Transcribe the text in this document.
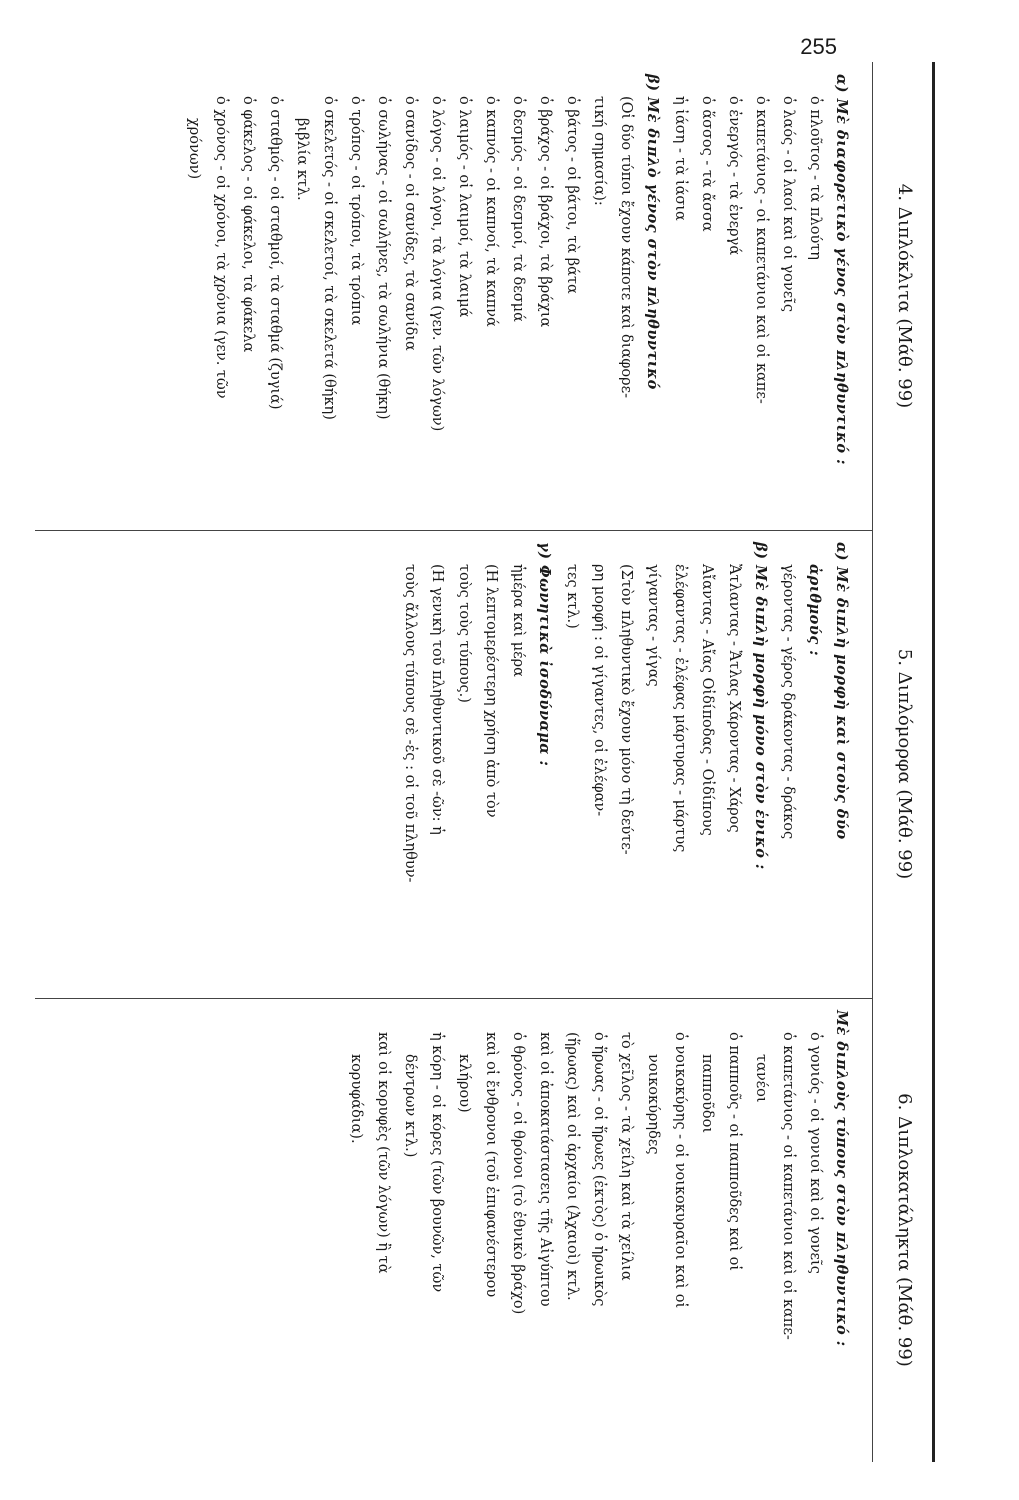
255
4. Διπλόκλιτα (Μάθ. 99)
5. Διπλόμορφα (Μάθ. 99)
6. Διπλοκατάληκτα (Μάθ. 99)
α) Μὲ διαφορετικὸ γένος στὸν πληθυντικό :
ὁ πλοῦτος - τὰ πλούτη
ὁ λαός - οἱ λαοί καὶ οἱ γονεῖς
ὁ καπετάνιος - οἱ καπετάνιοι καὶ οἱ καπε-
ὁ ἐνεργός - τὰ ἐνεργά
ὁ ἅσσος - τὰ ἄσσα
ἡ ἰάση - τὰ ἰάσια
β) Μὲ διπλὸ γένος στὸν πληθυντικό
(Οἱ δύο τύποι ἔχουν κάποτε καὶ διαφορε-
τική σημασία):
ὁ βάτος - οἱ βάτοι, τὰ βάτα
ὁ βράχος - οἱ βράχοι, τὰ βράχια
ὁ δεσμός - οἱ δεσμοί, τὰ δεσμά
ὁ καπνός - οἱ καπνοί, τὰ καπνά
ὁ λαιμός - οἱ λαιμοί, τὰ λαιμά
ὁ λόγος - οἱ λόγοι, τὰ λόγια (γεν. τῶν λόγων)
ὁ σανίδος - οἱ σανίδες, τὰ σανίδια
ὁ σωλήνας - οἱ σωλήνες, τὰ σωλήνια (θήκη)
ὁ τρόπος - οἱ τρόποι, τὰ τρόπια
ὁ σκελετός - οἱ σκελετοί, τὰ σκελετά (θήκη)
βιβλία κτλ.
ὁ σταθμός - οἱ σταθμοί, τὰ σταθμά (ζυγιά)
ὁ φάκελος - οἱ φάκελοι, τὰ φάκελα
ὁ χρόνος - οἱ χρόνοι, τὰ χρόνια (γεν. τῶν
χρόνων)
α) Μὲ διπλὴ μορφὴ καὶ στοὺς δύο
ἀριθμούς :
γέροντας - γέρος δράκοντας - δράκος
β) Μὲ διπλὴ μορφὴ μόνο στὸν ἑνικό :
Ἄτλαντας - Ἄτλας Χάροντας - Χάρος
Αἴαντας - Αἴας Οἰδίποδας - Οἰδίπους
ἐλέφαντας - ἐλέφας μάρτυρας - μάρτυς
γίγαντας - γίγας
(Στὸν πληθυντικὸ ἔχουν μόνο τὴ δεύτε-
ρη μορφή : οἱ γίγαντες, οἱ ἐλέφαν-
τες κτλ.)
γ) Φωνητικὰ ἰσοδύναμα :
ἡμέρα καὶ μέρα
(Η λεπτομερέστερη χρήση ἀπὸ τὸν
τοὺς τοὺς τύπους.)
(Η γενικὴ τοῦ πληθυντικοῦ σὲ -ῶν: ἡ
τοὺς ἄλλους τύπους σὲ -ἐς : οἱ τοῦ πληθυν-
Μὲ διπλοὺς τύπους στὸν πληθυντικό :
ὁ γονιός - οἱ γονιοί καὶ οἱ γονεῖς
ὁ καπετάνιος - οἱ καπετάνιοι καὶ οἱ καπε-
τανέοι
ὁ παπποῦς - οἱ παπποῦδες καὶ οἱ
παπποῦδοι
ὁ νοικοκύρης - οἱ νοικοκυραῖοι καὶ οἱ
νοικοκύρηδες
τὸ χεῖλος - τὰ χείλη καὶ τὰ χείλια
ὁ ἥρωας - οἱ ἥρωες (ἐκτὸς) ὁ ἡρωικὸς
(ἥρωας) καὶ οἱ ἀρχαίοι (Ἀχαιοὶ) κτλ.
καὶ οἱ ἀποκατάστασεις τῆς Αἰγύπτου
ὁ θρόνος - οἱ θρόνοι (τὸ ἐθνικὸ βράχο)
καὶ οἱ ἔνθρονοι (τοῦ ἐπιφανέστερου
κλήρου)
ἡ κόρη - οἱ κόρες (τῶν βουνῶν, τῶν
δέντρων κτλ.)
καὶ οἱ κορυφὲς (τῶν λόγων) ἢ τὰ
κορυφάδια).
